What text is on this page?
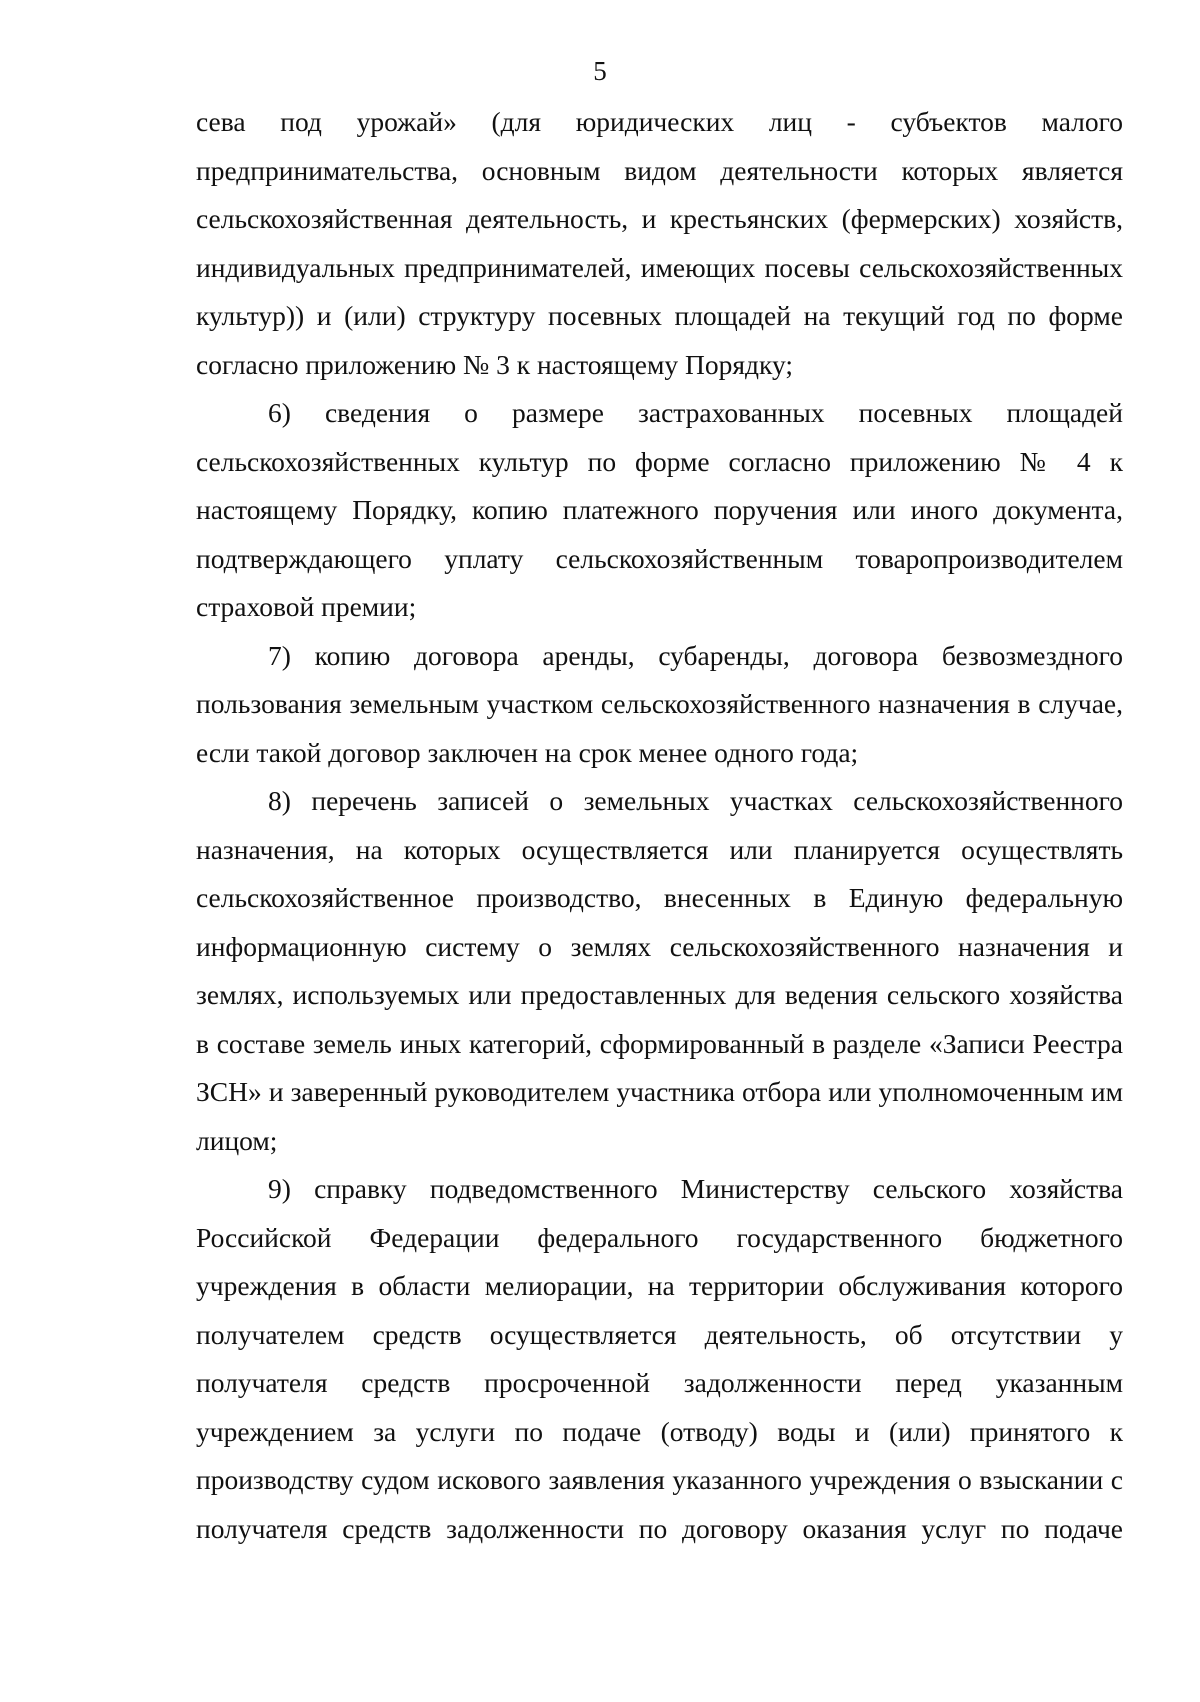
5

сева под урожай» (для юридических лиц - субъектов малого предпринимательства, основным видом деятельности которых является сельскохозяйственная деятельность, и крестьянских (фермерских) хозяйств, индивидуальных предпринимателей, имеющих посевы сельскохозяйственных культур)) и (или) структуру посевных площадей на текущий год по форме согласно приложению № 3 к настоящему Порядку;

6) сведения о размере застрахованных посевных площадей сельскохозяйственных культур по форме согласно приложению № 4 к настоящему Порядку, копию платежного поручения или иного документа, подтверждающего уплату сельскохозяйственным товаропроизводителем страховой премии;

7) копию договора аренды, субаренды, договора безвозмездного пользования земельным участком сельскохозяйственного назначения в случае, если такой договор заключен на срок менее одного года;

8) перечень записей о земельных участках сельскохозяйственного назначения, на которых осуществляется или планируется осуществлять сельскохозяйственное производство, внесенных в Единую федеральную информационную систему о землях сельскохозяйственного назначения и землях, используемых или предоставленных для ведения сельского хозяйства в составе земель иных категорий, сформированный в разделе «Записи Реестра ЗСН» и заверенный руководителем участника отбора или уполномоченным им лицом;

9) справку подведомственного Министерству сельского хозяйства Российской Федерации федерального государственного бюджетного учреждения в области мелиорации, на территории обслуживания которого получателем средств осуществляется деятельность, об отсутствии у получателя средств просроченной задолженности перед указанным учреждением за услуги по подаче (отводу) воды и (или) принятого к производству судом искового заявления указанного учреждения о взыскании с получателя средств задолженности по договору оказания услуг по подаче
